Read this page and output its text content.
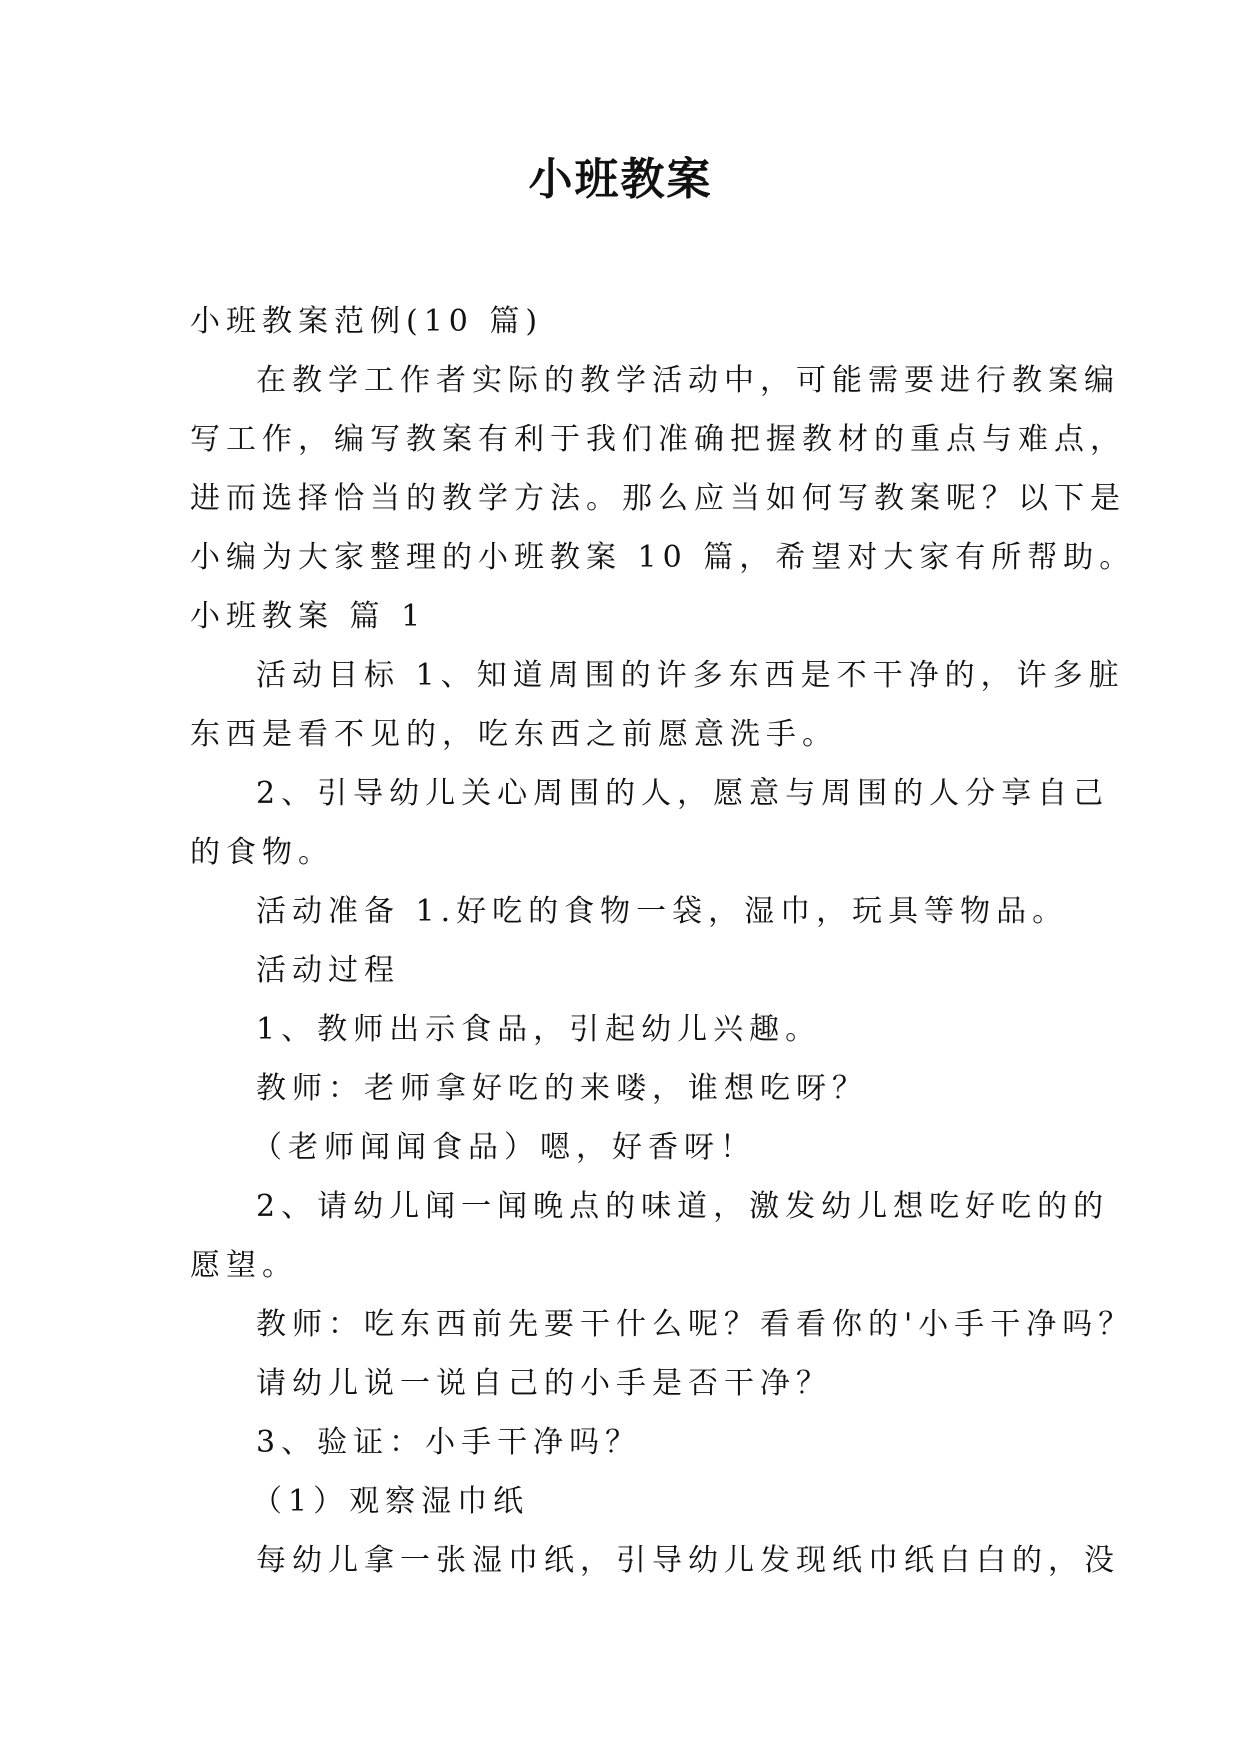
小班教案
小班教案范例(10 篇)
在教学工作者实际的教学活动中，可能需要进行教案编
写工作，编写教案有利于我们准确把握教材的重点与难点，
进而选择恰当的教学方法。那么应当如何写教案呢？以下是
小编为大家整理的小班教案 10 篇，希望对大家有所帮助。
小班教案 篇 1
活动目标 1、知道周围的许多东西是不干净的，许多脏
东西是看不见的，吃东西之前愿意洗手。
2、引导幼儿关心周围的人，愿意与周围的人分享自己
的食物。
活动准备 1.好吃的食物一袋，湿巾，玩具等物品。
活动过程
1、教师出示食品，引起幼儿兴趣。
教师：老师拿好吃的来喽，谁想吃呀？
（老师闻闻食品）嗯，好香呀！
2、请幼儿闻一闻晚点的味道，激发幼儿想吃好吃的的
愿望。
教师：吃东西前先要干什么呢？看看你的'小手干净吗？
请幼儿说一说自己的小手是否干净？
3、验证：小手干净吗？
（1）观察湿巾纸
每幼儿拿一张湿巾纸，引导幼儿发现纸巾纸白白的，没
